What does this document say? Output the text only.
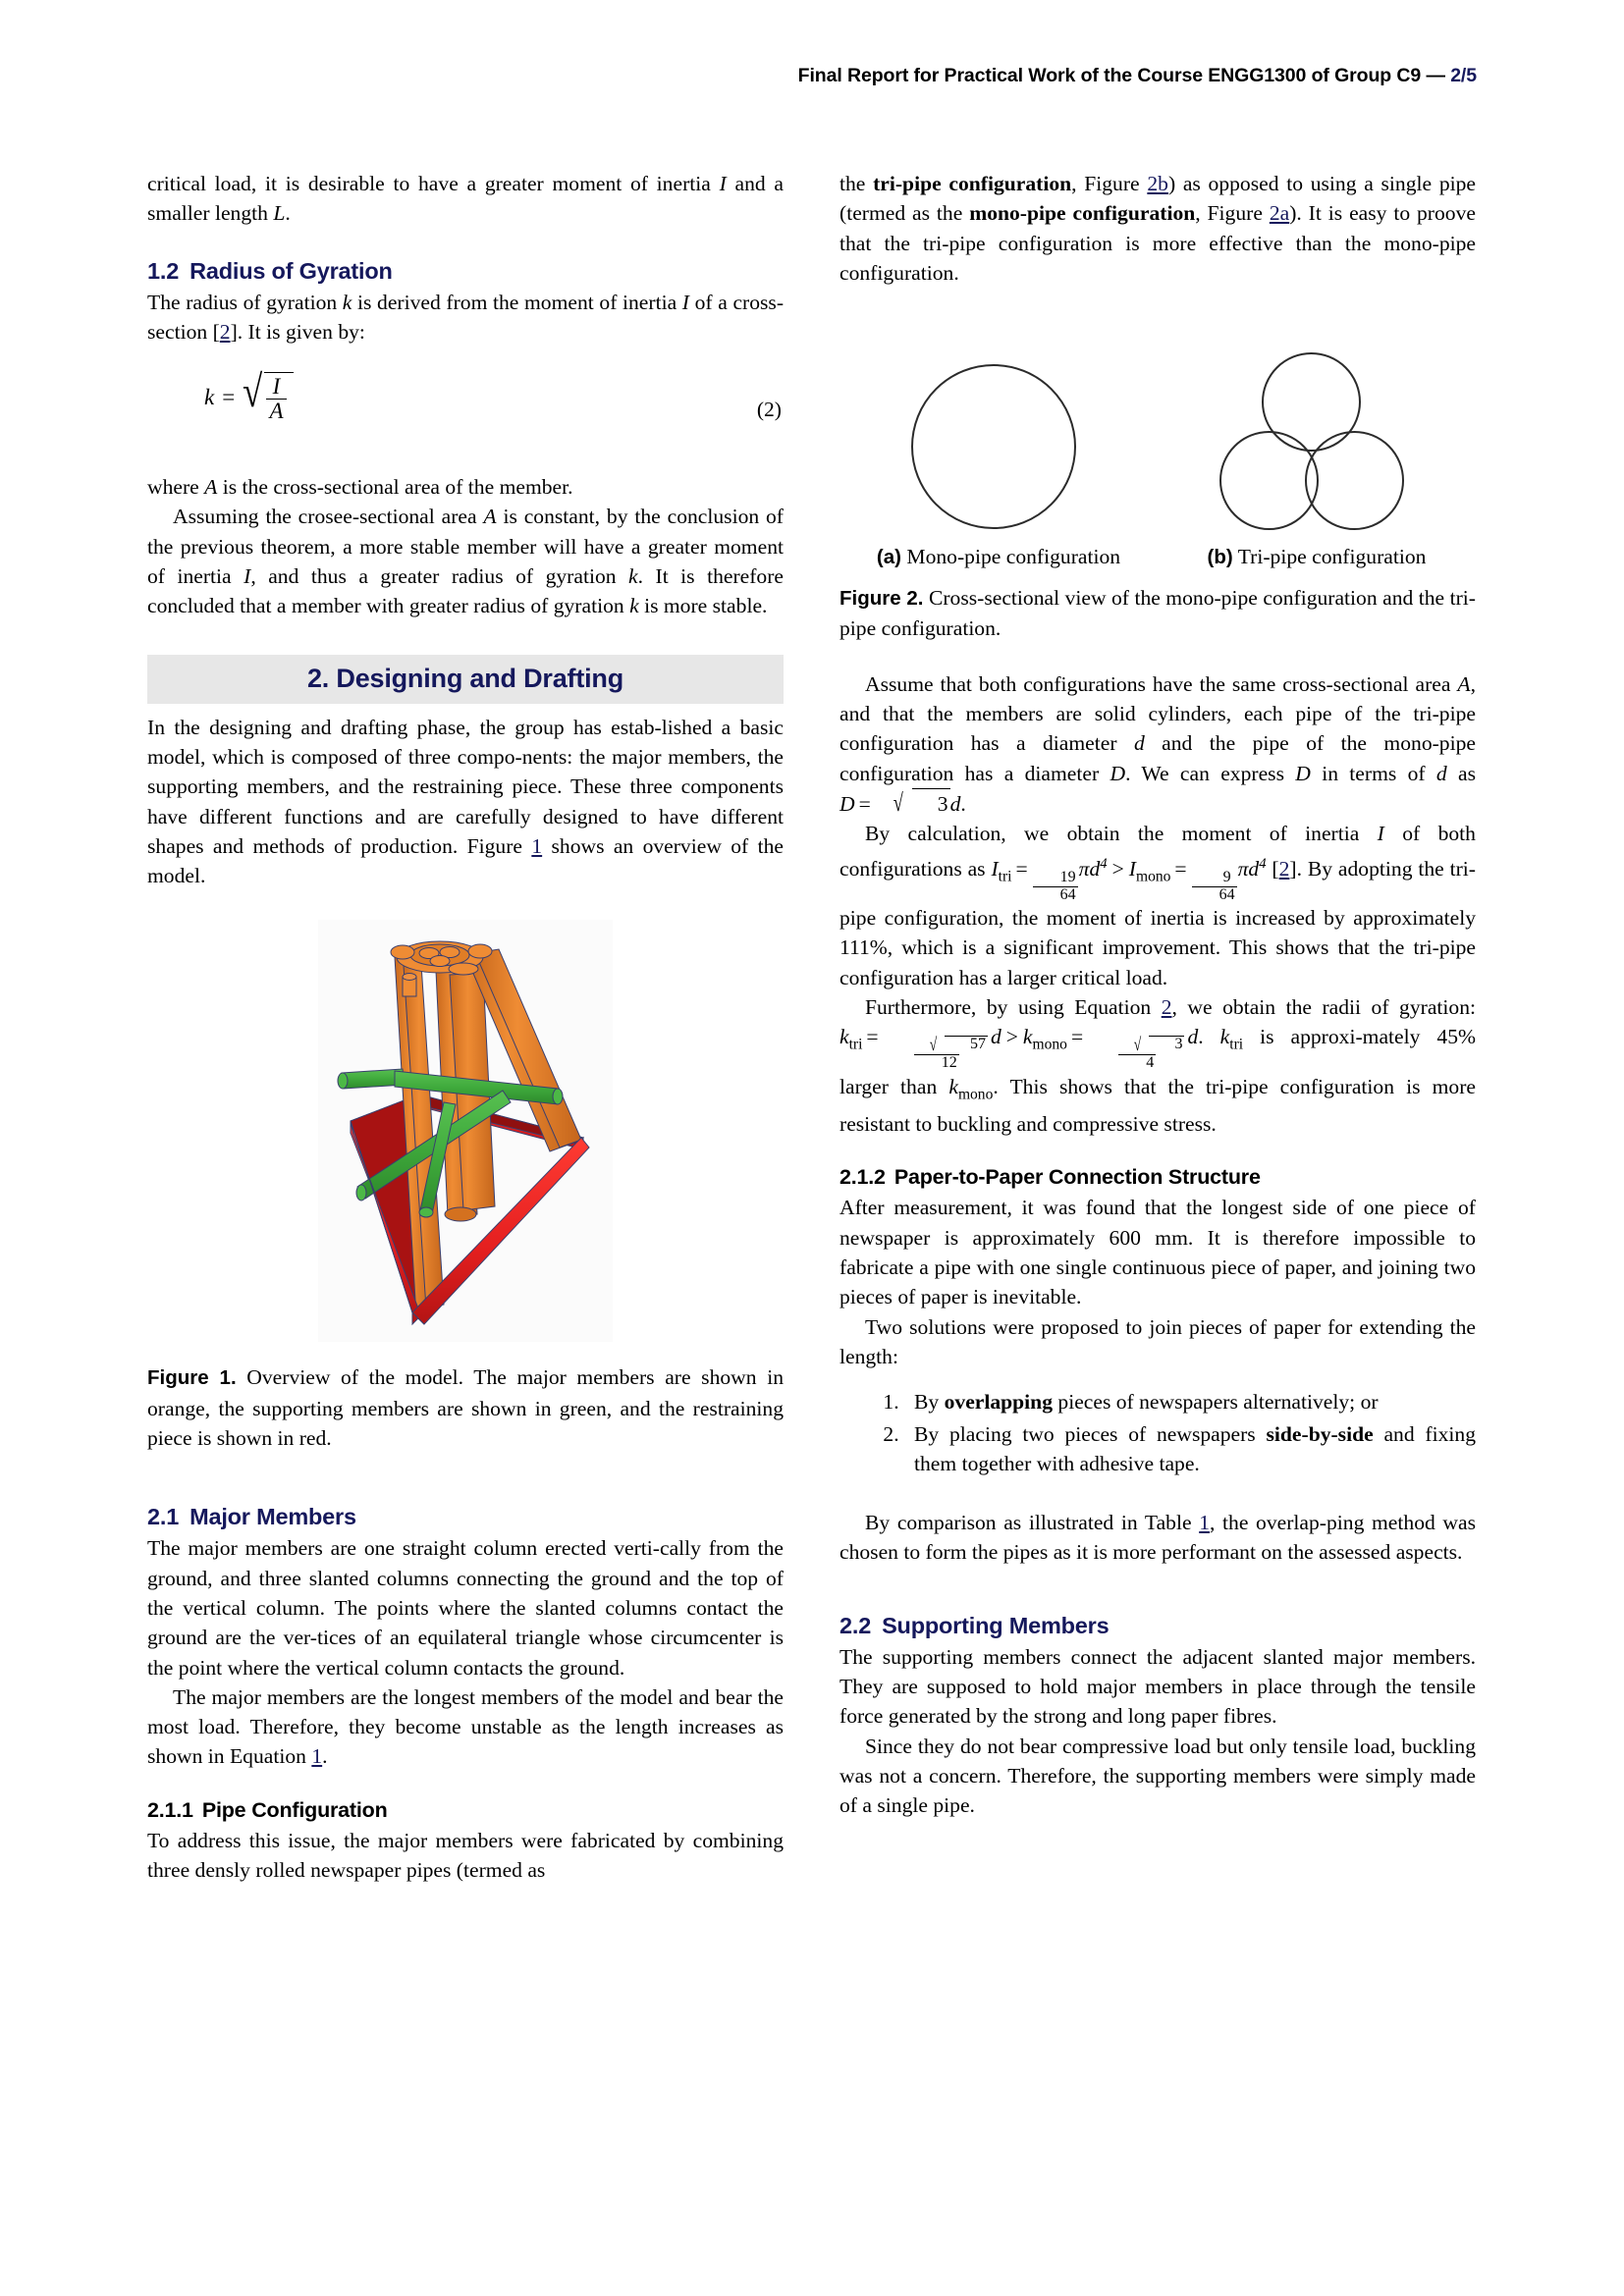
Final Report for Practical Work of the Course ENGG1300 of Group C9 — 2/5

critical load, it is desirable to have a greater moment of inertia I and a smaller length L.

1.2 Radius of Gyration

The radius of gyration k is derived from the moment of inertia I of a cross-section [2]. It is given by:

k = √ $\frac{I}{A}$	(2)

where A is the cross-sectional area of the member.

Assuming the crosee-sectional area A is constant, by the conclusion of the previous theorem, a more stable member will have a greater moment of inertia I, and thus a greater radius of gyration k. It is therefore concluded that a member with greater radius of gyration k is more stable.

2. Designing and Drafting

In the designing and drafting phase, the group has estab-lished a basic model, which is composed of three compo-nents: the major members, the supporting members, and the restraining piece. These three components have different functions and are carefully designed to have different shapes and methods of production. Figure 1 shows an overview of the model.

Figure 1. Overview of the model. The major members are shown in orange, the supporting members are shown in green, and the restraining piece is shown in red.

2.1 Major Members

The major members are one straight column erected verti-cally from the ground, and three slanted columns connecting the ground and the top of the vertical column. The points where the slanted columns contact the ground are the ver-tices of an equilateral triangle whose circumcenter is the point where the vertical column contacts the ground.

The major members are the longest members of the model and bear the most load. Therefore, they become unstable as the length increases as shown in Equation 1.

2.1.1 Pipe Configuration

To address this issue, the major members were fabricated by combining three densly rolled newspaper pipes (termed as

the tri-pipe configuration, Figure 2b) as opposed to using a single pipe (termed as the mono-pipe configuration, Figure 2a). It is easy to proove that the tri-pipe configuration is more effective than the mono-pipe configuration.

(a) Mono-pipe configuration	(b) Tri-pipe configuration

Figure 2. Cross-sectional view of the mono-pipe configuration and the tri-pipe configuration.

Assume that both configurations have the same cross-sectional area A, and that the members are solid cylinders, each pipe of the tri-pipe configuration has a diameter d and the pipe of the mono-pipe configuration has a diameter D. We can express D in terms of d as D = √	3 d.

By calculation, we obtain the moment of inertia I of both configurations as $I_{tri}$ =
$\frac{19}{64}$
$\pi d^4 > I_{mono}$ =
$\frac{9}{64}$
$\pi d^4$ [2]. By adopting the tri-pipe configuration, the moment of inertia is increased by approximately 111%, which is a significant improvement. This shows that the tri-pipe configuration has a larger critical load.

Furthermore, by using Equation 2, we obtain the radii of gyration: $k_{tri}$ = √	57
12 $d > k_{mono}$ = √	3
4 d. $k_{tri}$ is approxi-mately 45% larger than $k_{mono}$. This shows that the tri-pipe configuration is more resistant to buckling and compressive stress.

2.1.2 Paper-to-Paper Connection Structure

After measurement, it was found that the longest side of one piece of newspaper is approximately 600 mm. It is therefore impossible to fabricate a pipe with one single continuous piece of paper, and joining two pieces of paper is inevitable.

Two solutions were proposed to join pieces of paper for extending the length:

1. By overlapping pieces of newspapers alternatively; or
2. By placing two pieces of newspapers side-by-side and fixing them together with adhesive tape.

By comparison as illustrated in Table 1, the overlap-ping method was chosen to form the pipes as it is more performant on the assessed aspects.

2.2 Supporting Members

The supporting members connect the adjacent slanted major members. They are supposed to hold major members in place through the tensile force generated by the strong and long paper fibres.

Since they do not bear compressive load but only tensile load, buckling was not a concern. Therefore, the supporting members were simply made of a single pipe.
